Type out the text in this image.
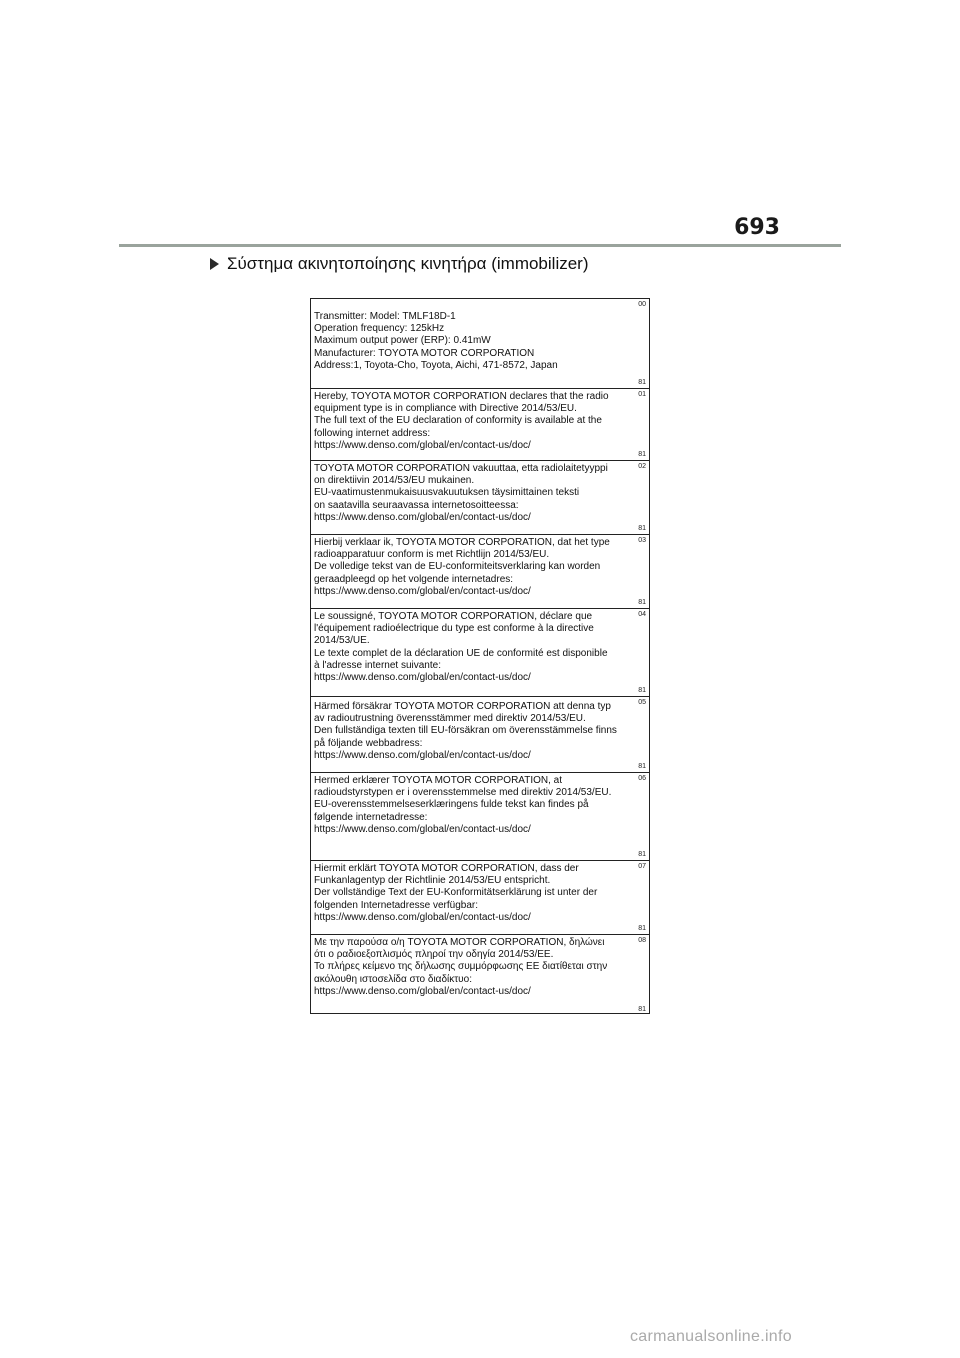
693
Σύστημα ακινητοποίησης κινητήρα (immobilizer)
00
81
Transmitter: Model: TMLF18D-1
Operation frequency: 125kHz
Maximum output power (ERP): 0.41mW
Manufacturer: TOYOTA MOTOR CORPORATION
Address:1, Toyota-Cho, Toyota, Aichi, 471-8572, Japan
01
81
Hereby, TOYOTA MOTOR CORPORATION declares that the radio
equipment type is in compliance with Directive 2014/53/EU.
The full text of the EU declaration of conformity is available at the
following internet address:
https://www.denso.com/global/en/contact-us/doc/
02
81
TOYOTA MOTOR CORPORATION vakuuttaa, etta radiolaitetyyppi
on direktiivin 2014/53/EU mukainen.
EU-vaatimustenmukaisuusvakuutuksen täysimittainen teksti
on saatavilla seuraavassa internetosoitteessa:
https://www.denso.com/global/en/contact-us/doc/
03
81
Hierbij verklaar ik, TOYOTA MOTOR CORPORATION, dat het type
radioapparatuur conform is met Richtlijn 2014/53/EU.
De volledige tekst van de EU-conformiteitsverklaring kan worden
geraadpleegd op het volgende internetadres:
https://www.denso.com/global/en/contact-us/doc/
04
81
Le soussigné, TOYOTA MOTOR CORPORATION, déclare que
l'équipement radioélectrique du type est conforme à la directive
2014/53/UE.
Le texte complet de la déclaration UE de conformité est disponible
à l'adresse internet suivante:
https://www.denso.com/global/en/contact-us/doc/
05
81
Härmed försäkrar TOYOTA MOTOR CORPORATION att denna typ
av radioutrustning överensstämmer med direktiv 2014/53/EU.
Den fullständiga texten till EU-försäkran om överensstämmelse finns
på följande webbadress:
https://www.denso.com/global/en/contact-us/doc/
06
81
Hermed erklærer TOYOTA MOTOR CORPORATION, at
radioudstyrstypen er i overensstemmelse med direktiv 2014/53/EU.
EU-overensstemmelseserklæringens fulde tekst kan findes på
følgende internetadresse:
https://www.denso.com/global/en/contact-us/doc/
07
81
Hiermit erklärt TOYOTA MOTOR CORPORATION, dass der
Funkanlagentyp der Richtlinie 2014/53/EU entspricht.
Der vollständige Text der EU-Konformitätserklärung ist unter der
folgenden Internetadresse verfügbar:
https://www.denso.com/global/en/contact-us/doc/
08
81
Με την παρούσα ο/η TOYOTA MOTOR CORPORATION, δηλώνει
ότι ο ραδιοεξοπλισμός πληροί την οδηγία 2014/53/ΕΕ.
Το πλήρες κείμενο της δήλωσης συμμόρφωσης ΕΕ διατίθεται στην
ακόλουθη ιστοσελίδα στο διαδίκτυο:
https://www.denso.com/global/en/contact-us/doc/
carmanualsonline.info
